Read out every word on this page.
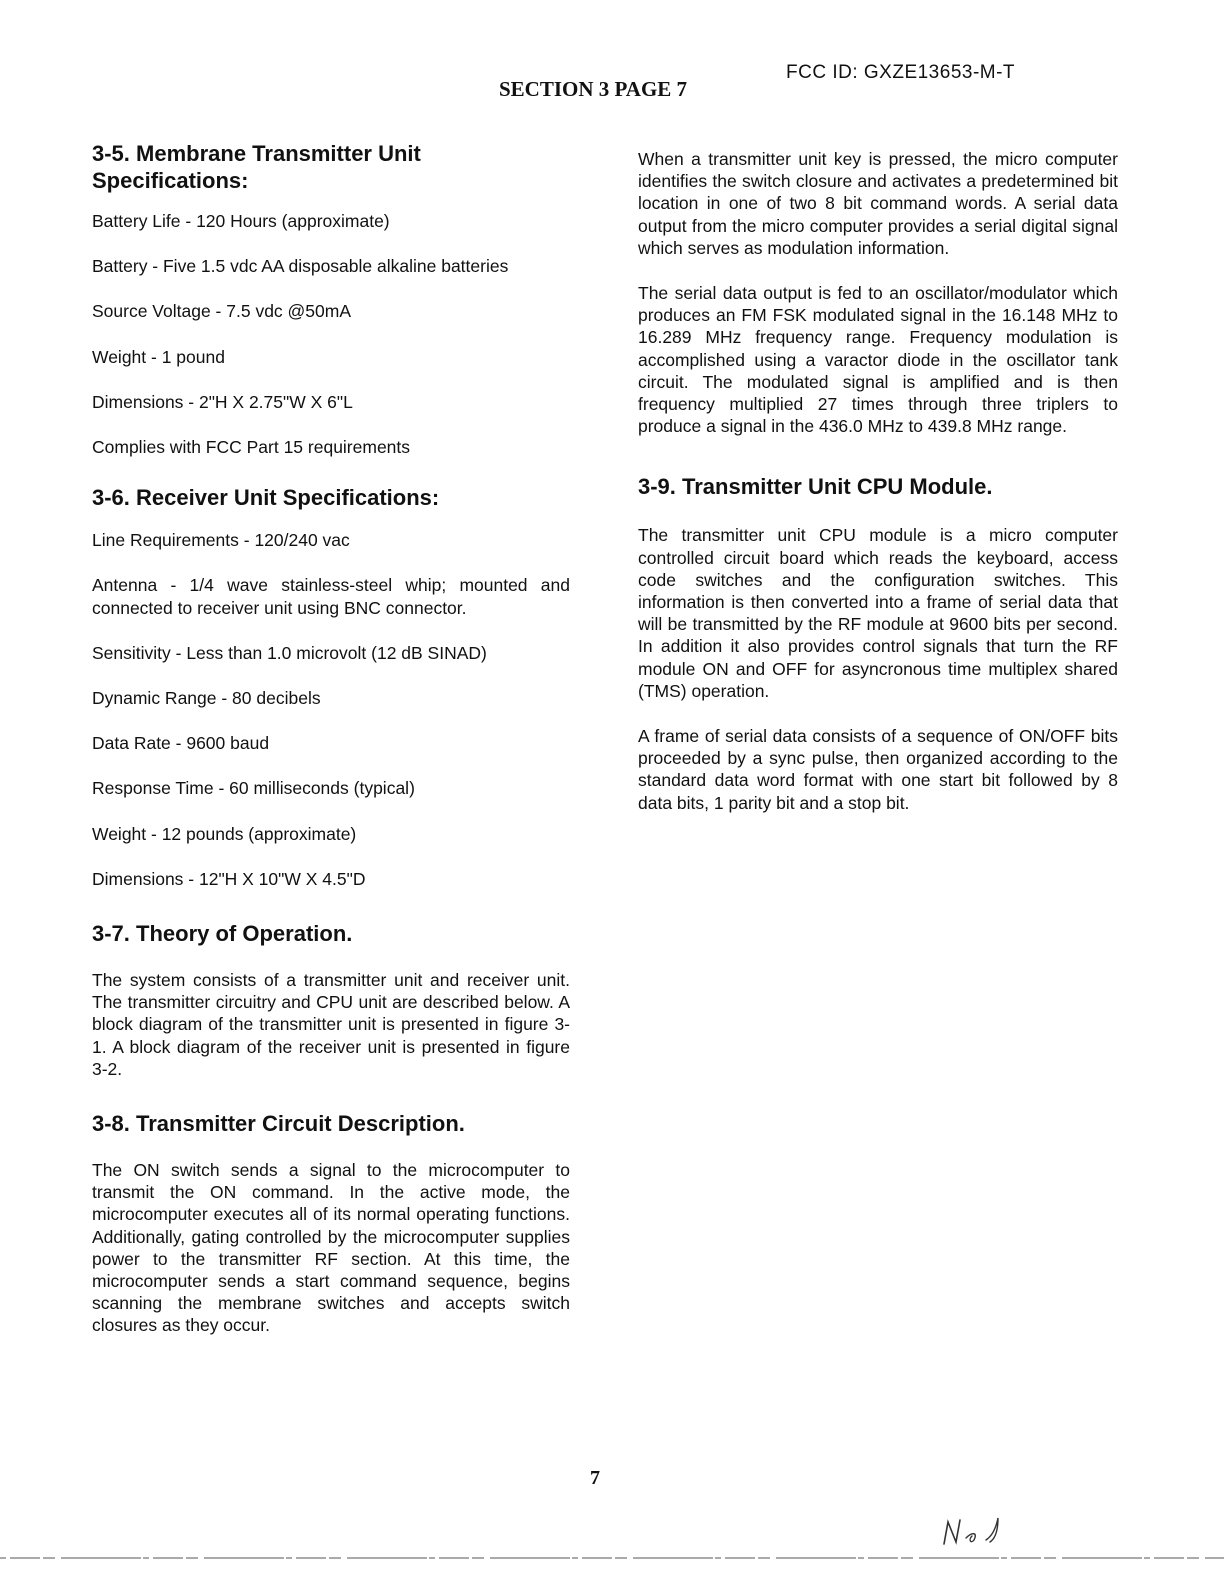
FCC ID: GXZE13653-M-T
SECTION 3 PAGE 7
3-5. Membrane Transmitter Unit Specifications:

Battery Life - 120 Hours (approximate)

Battery - Five 1.5 vdc AA disposable alkaline batteries

Source Voltage - 7.5 vdc @50mA

Weight - 1 pound

Dimensions - 2"H X 2.75"W X 6"L

Complies with FCC Part 15 requirements

3-6. Receiver Unit Specifications:

Line Requirements - 120/240 vac

Antenna - 1/4 wave stainless-steel whip; mounted and connected to receiver unit using BNC connector.

Sensitivity - Less than 1.0 microvolt (12 dB SINAD)

Dynamic Range - 80 decibels

Data Rate - 9600 baud

Response Time - 60 milliseconds (typical)

Weight - 12 pounds (approximate)

Dimensions - 12"H X 10"W X 4.5"D

3-7. Theory of Operation.

The system consists of a transmitter unit and receiver unit. The transmitter circuitry and CPU unit are described below. A block diagram of the transmitter unit is presented in figure 3-1. A block diagram of the receiver unit is presented in figure 3-2.

3-8. Transmitter Circuit Description.

The ON switch sends a signal to the microcomputer to transmit the ON command. In the active mode, the microcomputer executes all of its normal operating functions. Additionally, gating controlled by the microcomputer supplies power to the transmitter RF section. At this time, the microcomputer sends a start command sequence, begins scanning the membrane switches and accepts switch closures as they occur.

When a transmitter unit key is pressed, the micro computer identifies the switch closure and activates a predetermined bit location in one of two 8 bit command words. A serial data output from the micro computer provides a serial digital signal which serves as modulation information.

The serial data output is fed to an oscillator/modulator which produces an FM FSK modulated signal in the 16.148 MHz to 16.289 MHz frequency range. Frequency modulation is accomplished using a varactor diode in the oscillator tank circuit. The modulated signal is amplified and is then frequency multiplied 27 times through three triplers to produce a signal in the 436.0 MHz to 439.8 MHz range.

3-9. Transmitter Unit CPU Module.

The transmitter unit CPU module is a micro computer controlled circuit board which reads the keyboard, access code switches and the configuration switches. This information is then converted into a frame of serial data that will be transmitted by the RF module at 9600 bits per second. In addition it also provides control signals that turn the RF module ON and OFF for asyncronous time multiplex shared (TMS) operation.

A frame of serial data consists of a sequence of ON/OFF bits proceeded by a sync pulse, then organized according to the standard data word format with one start bit followed by 8 data bits, 1 parity bit and a stop bit.

7
